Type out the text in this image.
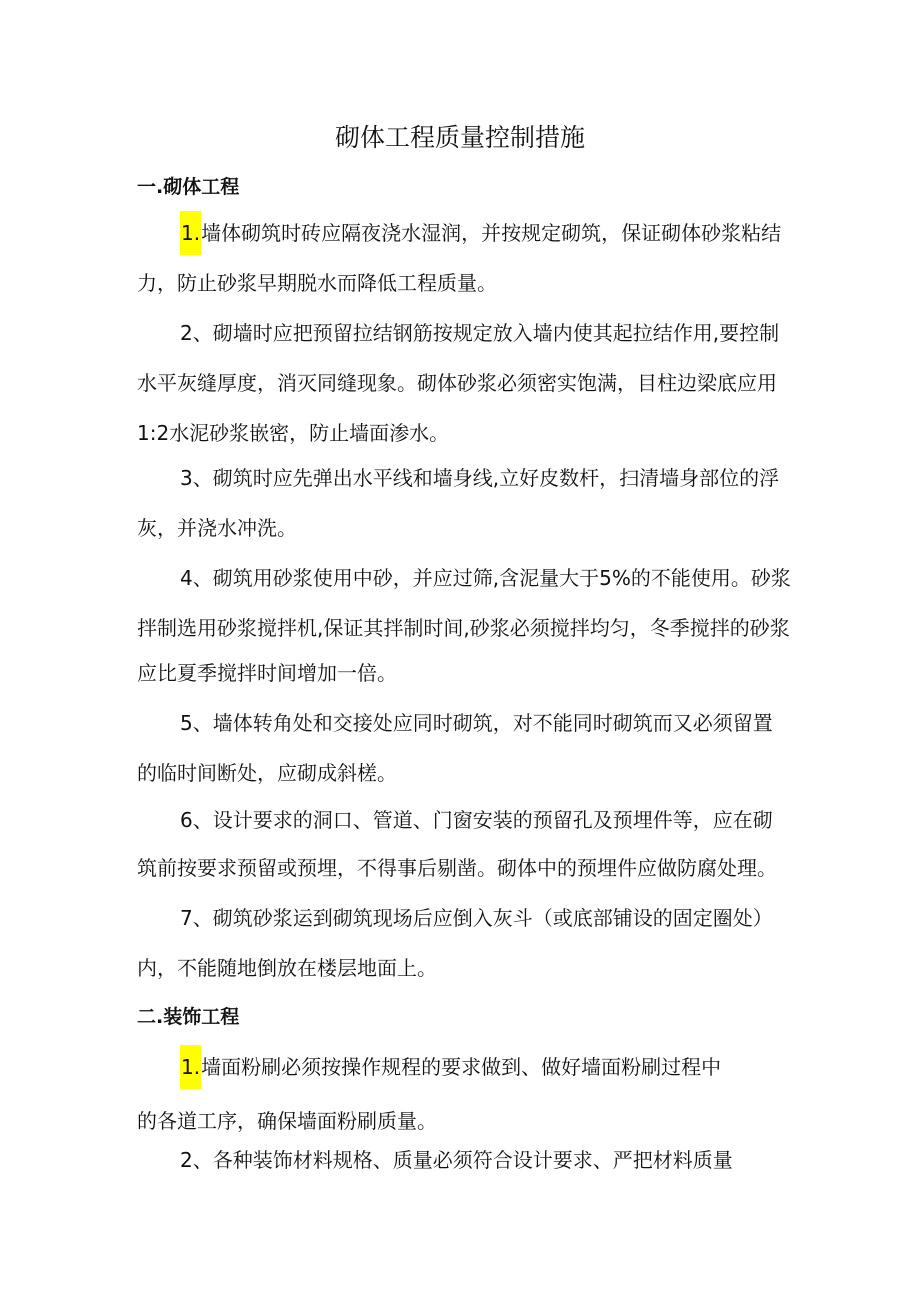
砌体工程质量控制措施
一.砌体工程
1.墙体砌筑时砖应隔夜浇水湿润，并按规定砌筑，保证砌体砂浆粘结
力，防止砂浆早期脱水而降低工程质量。
2、砌墙时应把预留拉结钢筋按规定放入墙内使其起拉结作用,要控制
水平灰缝厚度，消灭同缝现象。砌体砂浆必须密实饱满，目柱边梁底应用
1:2水泥砂浆嵌密，防止墙面渗水。
3、砌筑时应先弹出水平线和墙身线,立好皮数杆，扫清墙身部位的浮
灰，并浇水冲洗。
4、砌筑用砂浆使用中砂，并应过筛,含泥量大于5%的不能使用。砂浆
拌制选用砂浆搅拌机,保证其拌制时间,砂浆必须搅拌均匀，冬季搅拌的砂浆
应比夏季搅拌时间增加一倍。
5、墙体转角处和交接处应同时砌筑，对不能同时砌筑而又必须留置
的临时间断处，应砌成斜槎。
6、设计要求的洞口、管道、门窗安装的预留孔及预埋件等，应在砌
筑前按要求预留或预埋，不得事后剔凿。砌体中的预埋件应做防腐处理。
7、砌筑砂浆运到砌筑现场后应倒入灰斗（或底部铺设的固定圈处）
内，不能随地倒放在楼层地面上。
二.装饰工程
1.墙面粉刷必须按操作规程的要求做到、做好墙面粉刷过程中
的各道工序，确保墙面粉刷质量。
2、各种装饰材料规格、质量必须符合设计要求、严把材料质量
